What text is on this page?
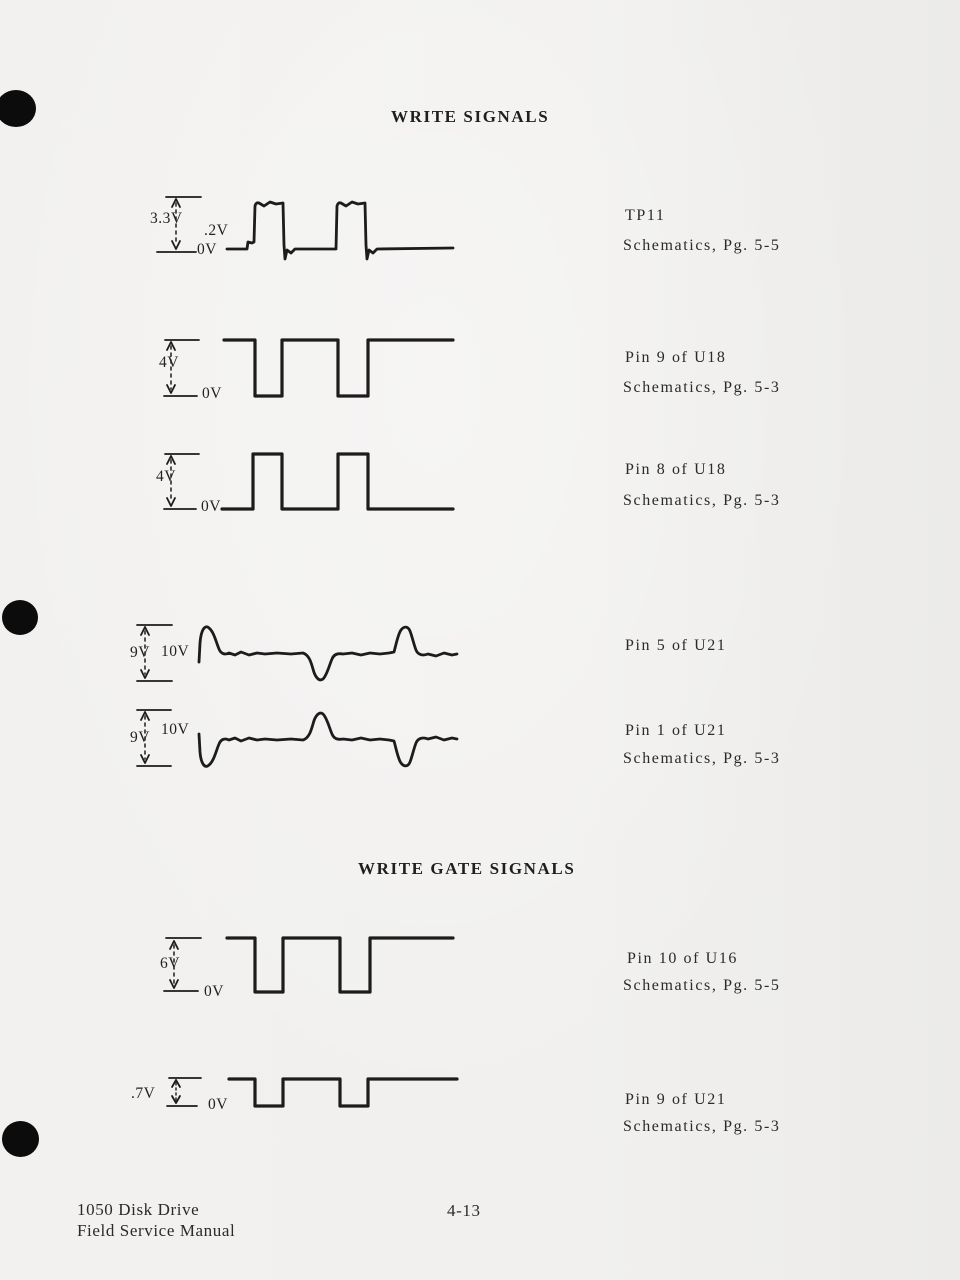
WRITE SIGNALS
WRITE GATE SIGNALS
3.3V
.2V
0V
TP11
Schematics, Pg. 5-5
4V
0V
Pin 9 of U18
Schematics, Pg. 5-3
4V
0V
Pin 8 of U18
Schematics, Pg. 5-3
9V 10V	Pin 5 of U21
9V 10V	Pin 1 of U21
Schematics, Pg. 5-3
6V
0V
Pin 10 of U16
Schematics, Pg. 5-5
.7V
0V	Pin 9 of U21
Schematics, Pg. 5-3
1050 Disk Drive
Field Service Manual
4-13
